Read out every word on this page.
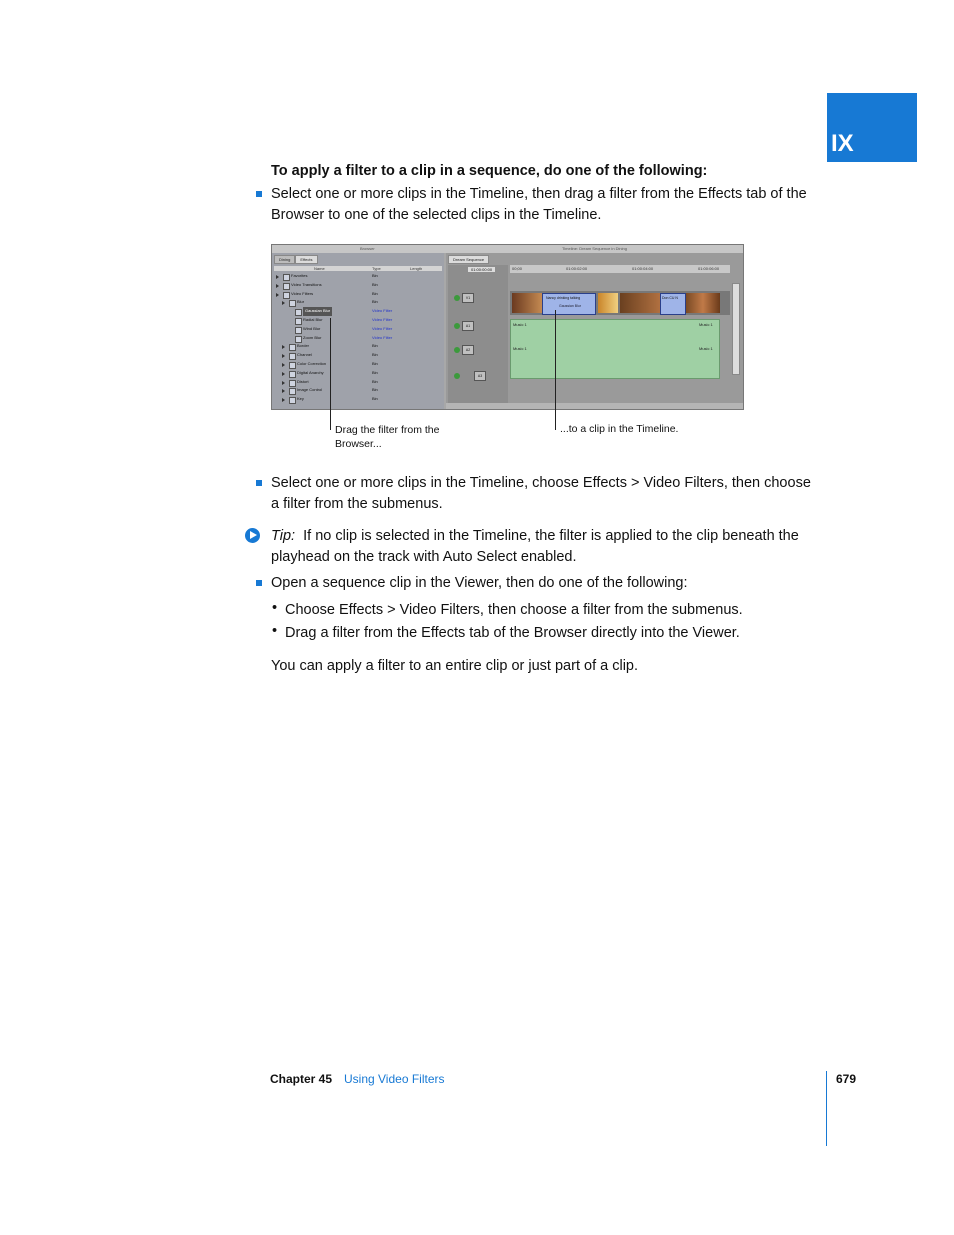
IX
To apply a filter to a clip in a sequence, do one of the following:
Select one or more clips in the Timeline, then drag a filter from the Effects tab of the Browser to one of the selected clips in the Timeline.
Browser	Timeline: Dream Sequence in Dining
Dining	Effects
Name	Type	Length
Favorites	Bin
Video Transitions	Bin
Video Filters	Bin
Blur	Bin
Gaussian Blur	Video Filter
Radial Blur	Video Filter
Wind Blur	Video Filter
Zoom Blur	Video Filter
Border	Bin
Channel	Bin
Color Correction	Bin
Digital Anarchy	Bin
Distort	Bin
Image Control	Bin
Key	Bin
Dream Sequence
01:00:00:00
V1
A1
A2
A3
00;00	01:00:02:00	01:00:04:00	01:00:06:00
Nancy drinking talking
Gaussian Blur
Don CU N
Music 1	Music 1
Music 1	Music 1
Drag the filter from the Browser...
...to a clip in the Timeline.
Select one or more clips in the Timeline, choose Effects > Video Filters, then choose a filter from the submenus.
Tip: If no clip is selected in the Timeline, the filter is applied to the clip beneath the playhead on the track with Auto Select enabled.
Open a sequence clip in the Viewer, then do one of the following:
• Choose Effects > Video Filters, then choose a filter from the submenus.
• Drag a filter from the Effects tab of the Browser directly into the Viewer.
You can apply a filter to an entire clip or just part of a clip.
Chapter 45 Using Video Filters	679
